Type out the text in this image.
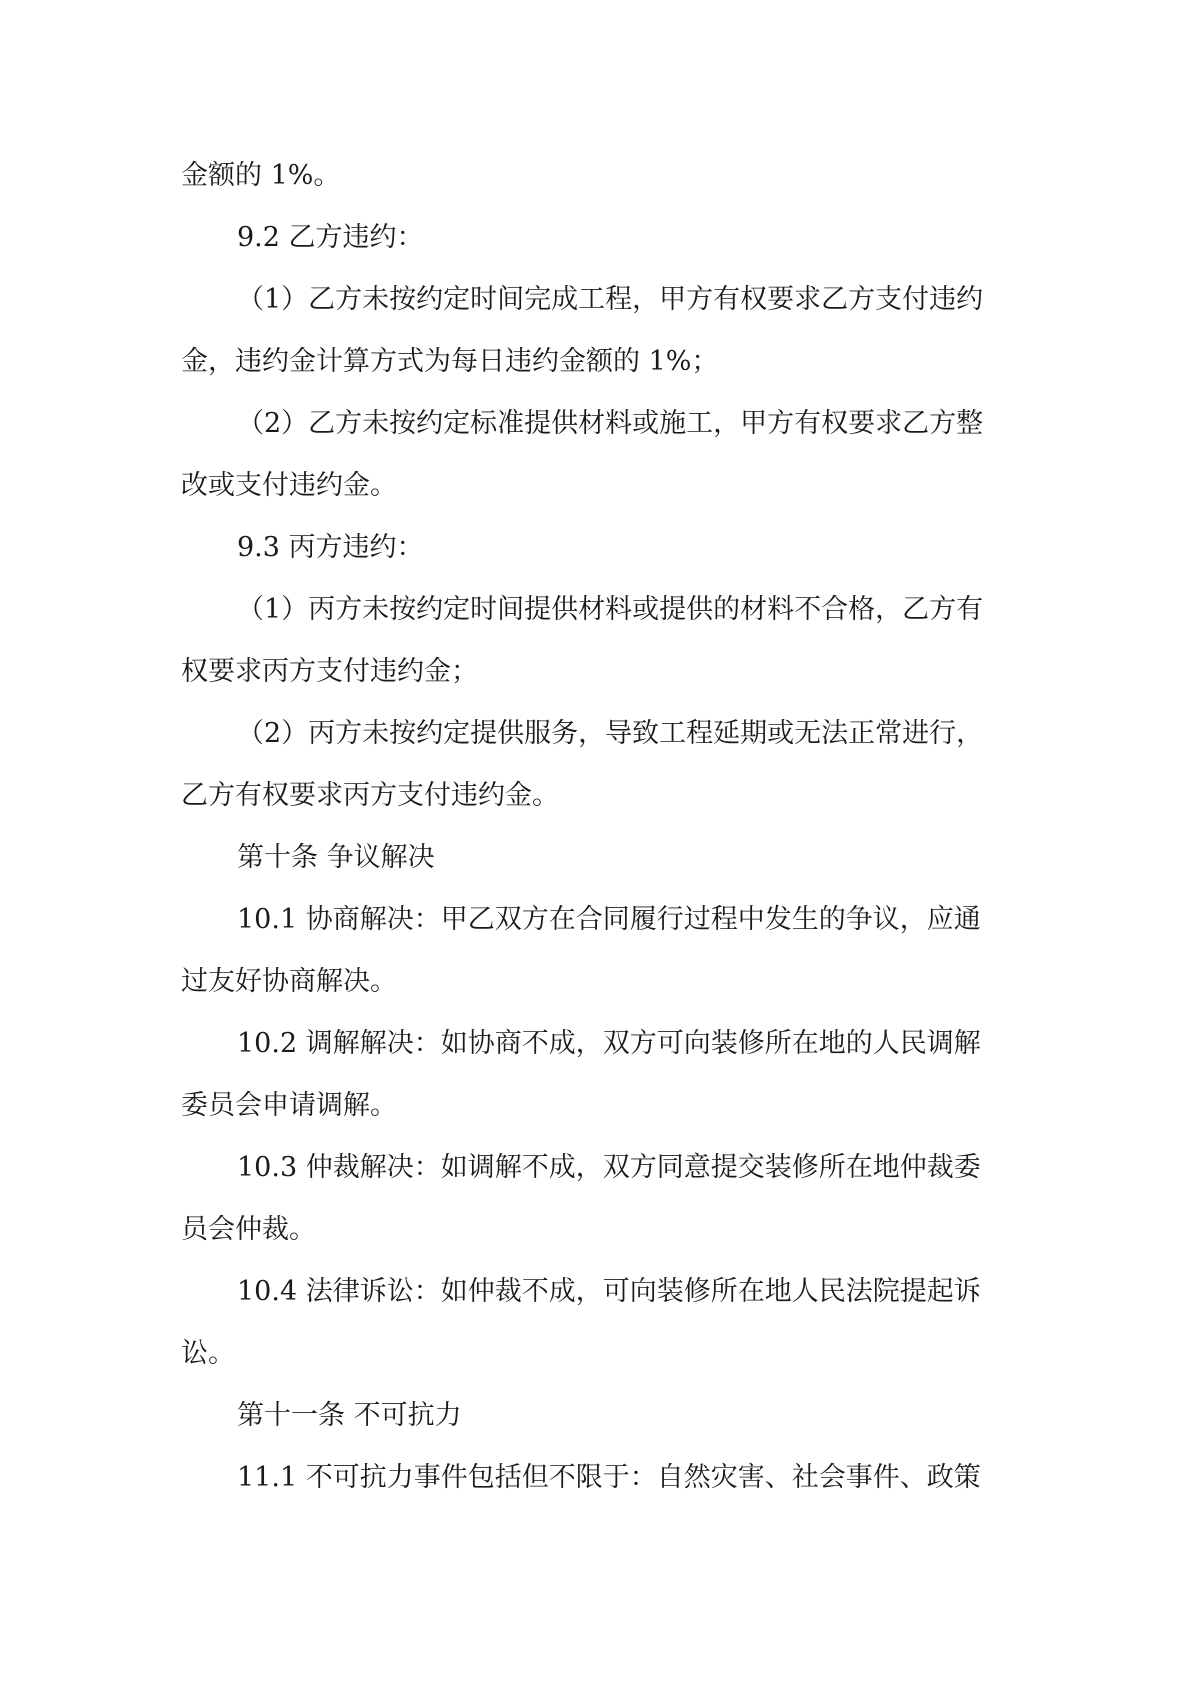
金额的 1%。
9.2 乙方违约：
（1）乙方未按约定时间完成工程，甲方有权要求乙方支付违约
金，违约金计算方式为每日违约金额的 1%；
（2）乙方未按约定标准提供材料或施工，甲方有权要求乙方整
改或支付违约金。
9.3 丙方违约：
（1）丙方未按约定时间提供材料或提供的材料不合格，乙方有
权要求丙方支付违约金；
（2）丙方未按约定提供服务，导致工程延期或无法正常进行，
乙方有权要求丙方支付违约金。
第十条 争议解决
10.1 协商解决：甲乙双方在合同履行过程中发生的争议，应通
过友好协商解决。
10.2 调解解决：如协商不成，双方可向装修所在地的人民调解
委员会申请调解。
10.3 仲裁解决：如调解不成，双方同意提交装修所在地仲裁委
员会仲裁。
10.4 法律诉讼：如仲裁不成，可向装修所在地人民法院提起诉
讼。
第十一条 不可抗力
11.1 不可抗力事件包括但不限于：自然灾害、社会事件、政策
